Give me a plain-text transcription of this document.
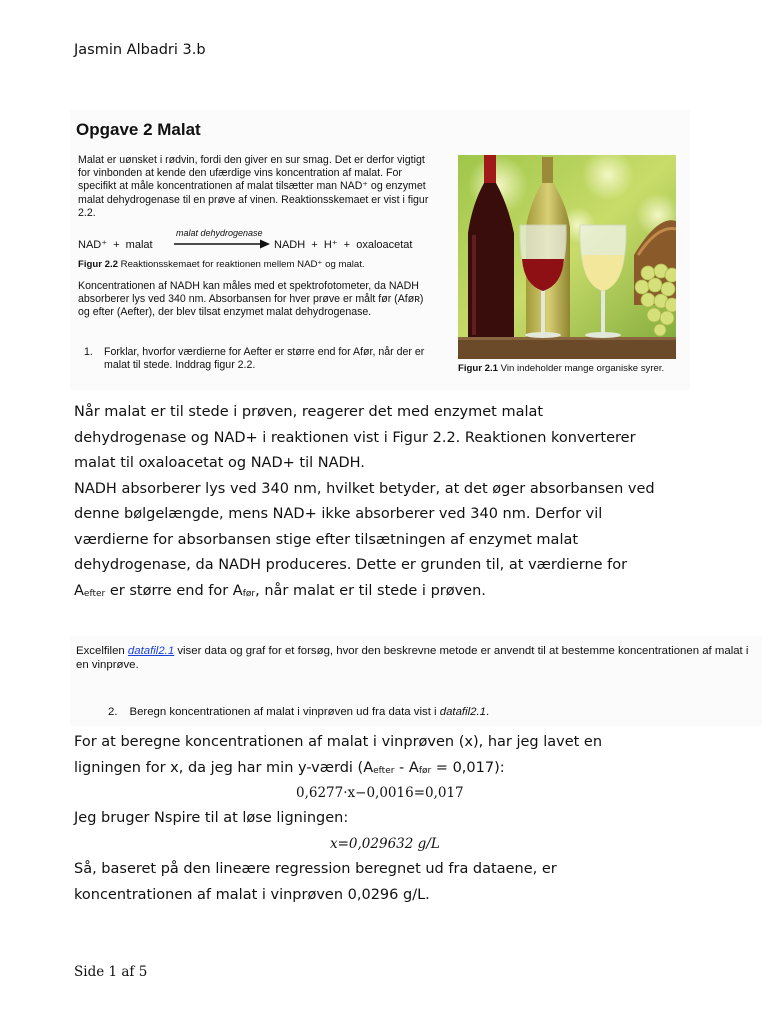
Jasmin Albadri 3.b
Opgave 2 Malat
Malat er uønsket i rødvin, fordi den giver en sur smag. Det er derfor vigtigt for vinbonden at kende den ufærdige vins koncentration af malat. For specifikt at måle koncentrationen af malat tilsætter man NAD⁺ og enzymet malat dehydrogenase til en prøve af vinen. Reaktionsskemaet er vist i figur 2.2.
NAD⁺  +  malat
malat dehydrogenase
NADH  +  H⁺  +  oxaloacetat
Figur 2.2 Reaktionsskemaet for reaktionen mellem NAD⁺ og malat.
Koncentrationen af NADH kan måles med et spektrofotometer, da NADH absorberer lys ved 340 nm. Absorbansen for hver prøve er målt før (Aføʀ) og efter (Aefter), der blev tilsat enzymet malat dehydrogenase.
1. Forklar, hvorfor værdierne for Aefter er større end for Afør, når der er malat til stede. Inddrag figur 2.2.	Figur 2.1 Vin indeholder mange organiske syrer.
Når malat er til stede i prøven, reagerer det med enzymet malat
dehydrogenase og NAD+ i reaktionen vist i Figur 2.2. Reaktionen konverterer
malat til oxaloacetat og NAD+ til NADH.
NADH absorberer lys ved 340 nm, hvilket betyder, at det øger absorbansen ved
denne bølgelængde, mens NAD+ ikke absorberer ved 340 nm. Derfor vil
værdierne for absorbansen stige efter tilsætningen af enzymet malat
dehydrogenase, da NADH produceres. Dette er grunden til, at værdierne for
Aefter er større end for Afør, når malat er til stede i prøven.
Excelfilen datafil2.1 viser data og graf for et forsøg, hvor den beskrevne metode er anvendt til at bestemme koncentrationen af malat i en vinprøve.
2. Beregn koncentrationen af malat i vinprøven ud fra data vist i datafil2.1.
For at beregne koncentrationen af malat i vinprøven (x), har jeg lavet en
ligningen for x, da jeg har min y-værdi (Aefter - Afør = 0,017):
0,6277·x−0,0016=0,017
Jeg bruger Nspire til at løse ligningen:
x=0,029632 g/L
Så, baseret på den lineære regression beregnet ud fra dataene, er
koncentrationen af malat i vinprøven 0,0296 g/L.
Side 1 af 5
